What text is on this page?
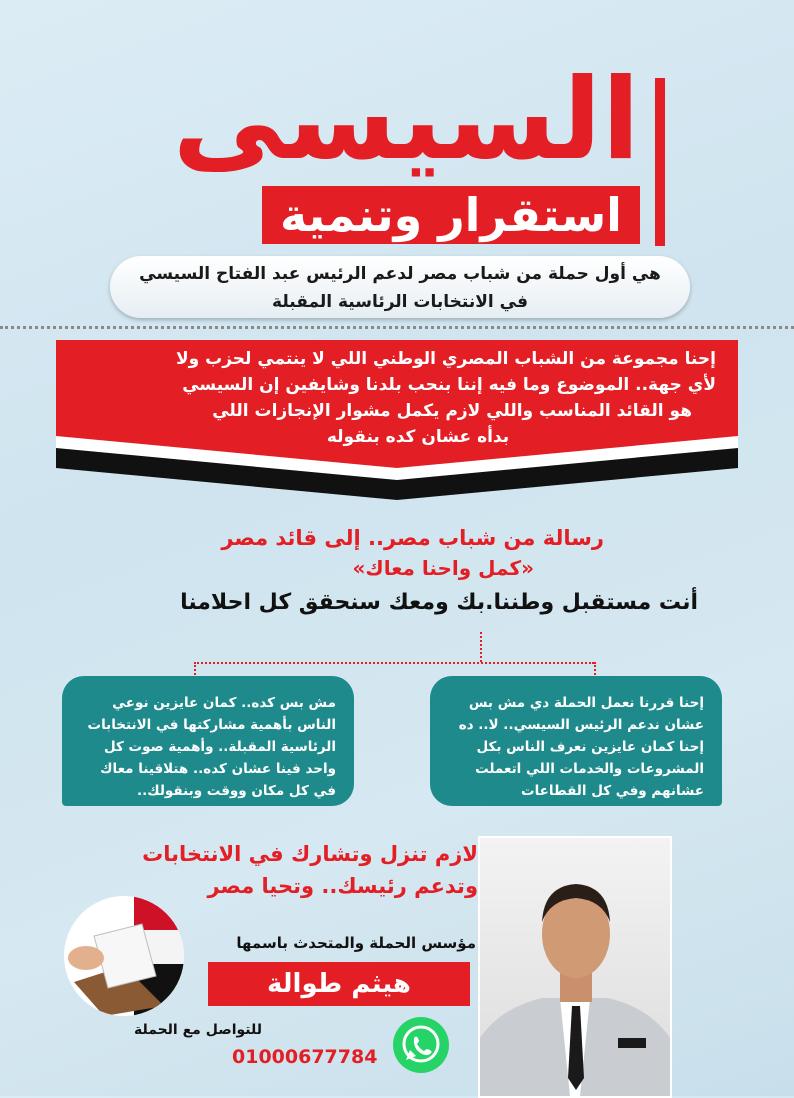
السيسى
استقرار وتنمية
هي أول حملة من شباب مصر لدعم الرئيس عبد الفتاح السيسي
في الانتخابات الرئاسية المقبلة
إحنا مجموعة من الشباب المصري الوطني اللي لا ينتمي لحزب ولا
لأي جهة.. الموضوع وما فيه إننا بنحب بلدنا وشايفين إن السيسي
هو القائد المناسب واللي لازم يكمل مشوار الإنجازات اللي
بدأه عشان كده بنقوله
رسالة من شباب مصر.. إلى قائد مصر
«كمل واحنا معاك»
أنت مستقبل وطننا.بك ومعك سنحقق كل احلامنا
مش بس كده.. كمان عايزين نوعي
الناس بأهمية مشاركتها في الانتخابات
الرئاسية المقبلة.. وأهمية صوت كل
واحد فينا عشان كده.. هتلاقينا معاك
في كل مكان ووقت وبنقولك..
إحنا قررنا نعمل الحملة دي مش بس
عشان ندعم الرئيس السيسي.. لا.. ده
إحنا كمان عايزين نعرف الناس بكل
المشروعات والخدمات اللي اتعملت
عشانهم وفي كل القطاعات
لازم تنزل وتشارك في الانتخابات
وتدعم رئيسك.. وتحيا مصر
مؤسس الحملة والمتحدث باسمها
هيثم طوالة
للتواصل مع الحملة
01000677784
